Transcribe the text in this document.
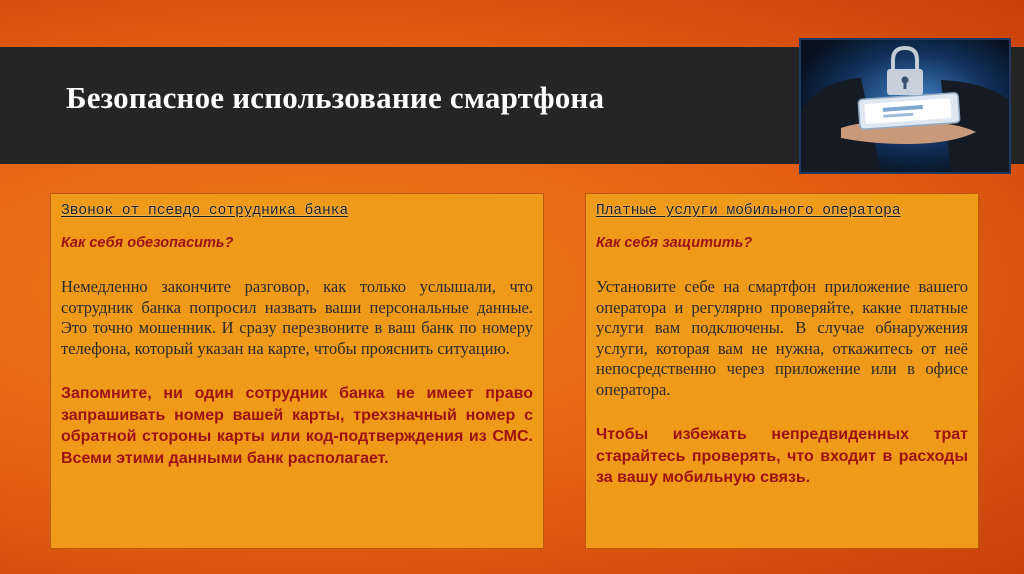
Безопасное использование смартфона

Звонок от псевдо сотрудника банка

Как себя обезопасить?

Немедленно закончите разговор, как только услышали, что сотрудник банка попросил назвать ваши персональные данные. Это точно мошенник. И сразу перезвоните в ваш банк по номеру телефона, который указан на карте, чтобы прояснить ситуацию.

Запомните, ни один сотрудник банка не имеет право запрашивать номер вашей карты, трехзначный номер с обратной стороны карты или код-подтверждения из СМС. Всеми этими данными банк располагает.

Платные услуги мобильного оператора

Как себя защитить?

Установите себе на смартфон приложение вашего оператора и регулярно проверяйте, какие платные услуги вам подключены. В случае обнаружения услуги, которая вам не нужна, откажитесь от неё непосредственно через приложение или в офисе оператора.

Чтобы избежать непредвиденных трат старайтесь проверять, что входит в расходы за вашу мобильную связь.
